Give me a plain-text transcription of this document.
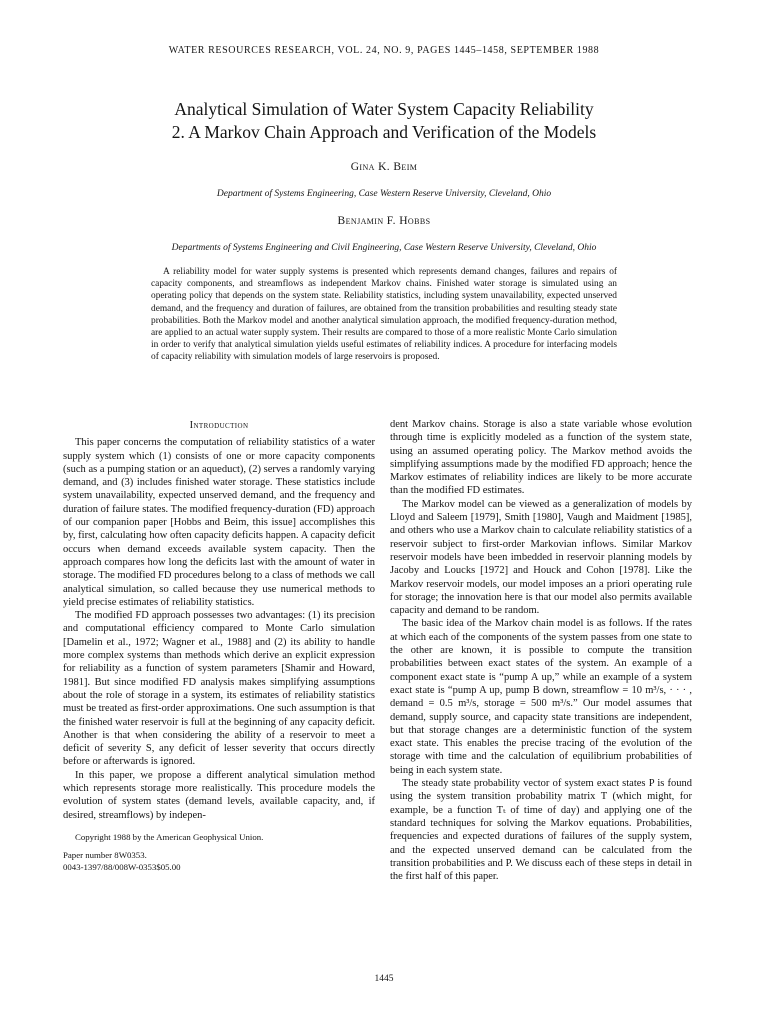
WATER RESOURCES RESEARCH, VOL. 24, NO. 9, PAGES 1445–1458, SEPTEMBER 1988
Analytical Simulation of Water System Capacity Reliability
2. A Markov Chain Approach and Verification of the Models
Gina K. Beim
Department of Systems Engineering, Case Western Reserve University, Cleveland, Ohio
Benjamin F. Hobbs
Departments of Systems Engineering and Civil Engineering, Case Western Reserve University, Cleveland, Ohio

A reliability model for water supply systems is presented which represents demand changes, failures and repairs of capacity components, and streamflows as independent Markov chains. Finished water storage is simulated using an operating policy that depends on the system state. Reliability statistics, including system unavailability, expected unserved demand, and the frequency and duration of failures, are obtained from the transition probabilities and resulting steady state probabilities. Both the Markov model and another analytical simulation approach, the modified frequency-duration method, are applied to an actual water supply system. Their results are compared to those of a more realistic Monte Carlo simulation in order to verify that analytical simulation yields useful estimates of reliability indices. A procedure for interfacing models of capacity reliability with simulation models of large reservoirs is proposed.

Introduction

This paper concerns the computation of reliability statistics of a water supply system which (1) consists of one or more capacity components (such as a pumping station or an aqueduct), (2) serves a randomly varying demand, and (3) includes finished water storage. These statistics include system unavailability, expected unserved demand, and the frequency and duration of failure states. The modified frequency-duration (FD) approach of our companion paper [Hobbs and Beim, this issue] accomplishes this by, first, calculating how often capacity deficits happen. A capacity deficit occurs when demand exceeds available system capacity. Then the approach compares how long the deficits last with the amount of water in storage. The modified FD procedures belong to a class of methods we call analytical simulation, so called because they use numerical methods to yield precise estimates of reliability statistics.

The modified FD approach possesses two advantages: (1) its precision and computational efficiency compared to Monte Carlo simulation [Damelin et al., 1972; Wagner et al., 1988] and (2) its ability to handle more complex systems than methods which derive an explicit expression for reliability as a function of system parameters [Shamir and Howard, 1981]. But since modified FD analysis makes simplifying assumptions about the role of storage in a system, its estimates of reliability statistics must be treated as first-order approximations. One such assumption is that the finished water reservoir is full at the beginning of any capacity deficit. Another is that when considering the ability of a reservoir to meet a deficit of severity S, any deficit of lesser severity that occurs directly before or afterwards is ignored.

In this paper, we propose a different analytical simulation method which represents storage more realistically. This procedure models the evolution of system states (demand levels, available capacity, and, if desired, streamflows) by indepen-

Copyright 1988 by the American Geophysical Union.
Paper number 8W0353.
0043-1397/88/008W-0353$05.00

dent Markov chains. Storage is also a state variable whose evolution through time is explicitly modeled as a function of the system state, using an assumed operating policy. The Markov method avoids the simplifying assumptions made by the modified FD approach; hence the Markov estimates of reliability indices are likely to be more accurate than the modified FD estimates.

The Markov model can be viewed as a generalization of models by Lloyd and Saleem [1979], Smith [1980], Vaugh and Maidment [1985], and others who use a Markov chain to calculate reliability statistics of a reservoir subject to first-order Markovian inflows. Similar Markov reservoir models have been imbedded in reservoir planning models by Jacoby and Loucks [1972] and Houck and Cohon [1978]. Like the Markov reservoir models, our model imposes an a priori operating rule for storage; the innovation here is that our model also permits available capacity and demand to be random.

The basic idea of the Markov chain model is as follows. If the rates at which each of the components of the system passes from one state to the other are known, it is possible to compute the transition probabilities between exact states of the system. An example of a component exact state is “pump A up,” while an example of a system exact state is “pump A up, pump B down, streamflow = 10 m³/s, · · · , demand = 0.5 m³/s, storage = 500 m³/s.” Our model assumes that demand, supply source, and capacity state transitions are independent, but that storage changes are a deterministic function of the system exact state. This enables the precise tracing of the evolution of the storage with time and the calculation of equilibrium probabilities of being in each system state.

The steady state probability vector of system exact states P is found using the system transition probability matrix T (which might, for example, be a function Tₜ of time of day) and applying one of the standard techniques for solving the Markov equations. Probabilities, frequencies and expected durations of failures of the supply system, and the expected unserved demand can be calculated from the transition probabilities and P. We discuss each of these steps in detail in the first half of this paper.

1445
